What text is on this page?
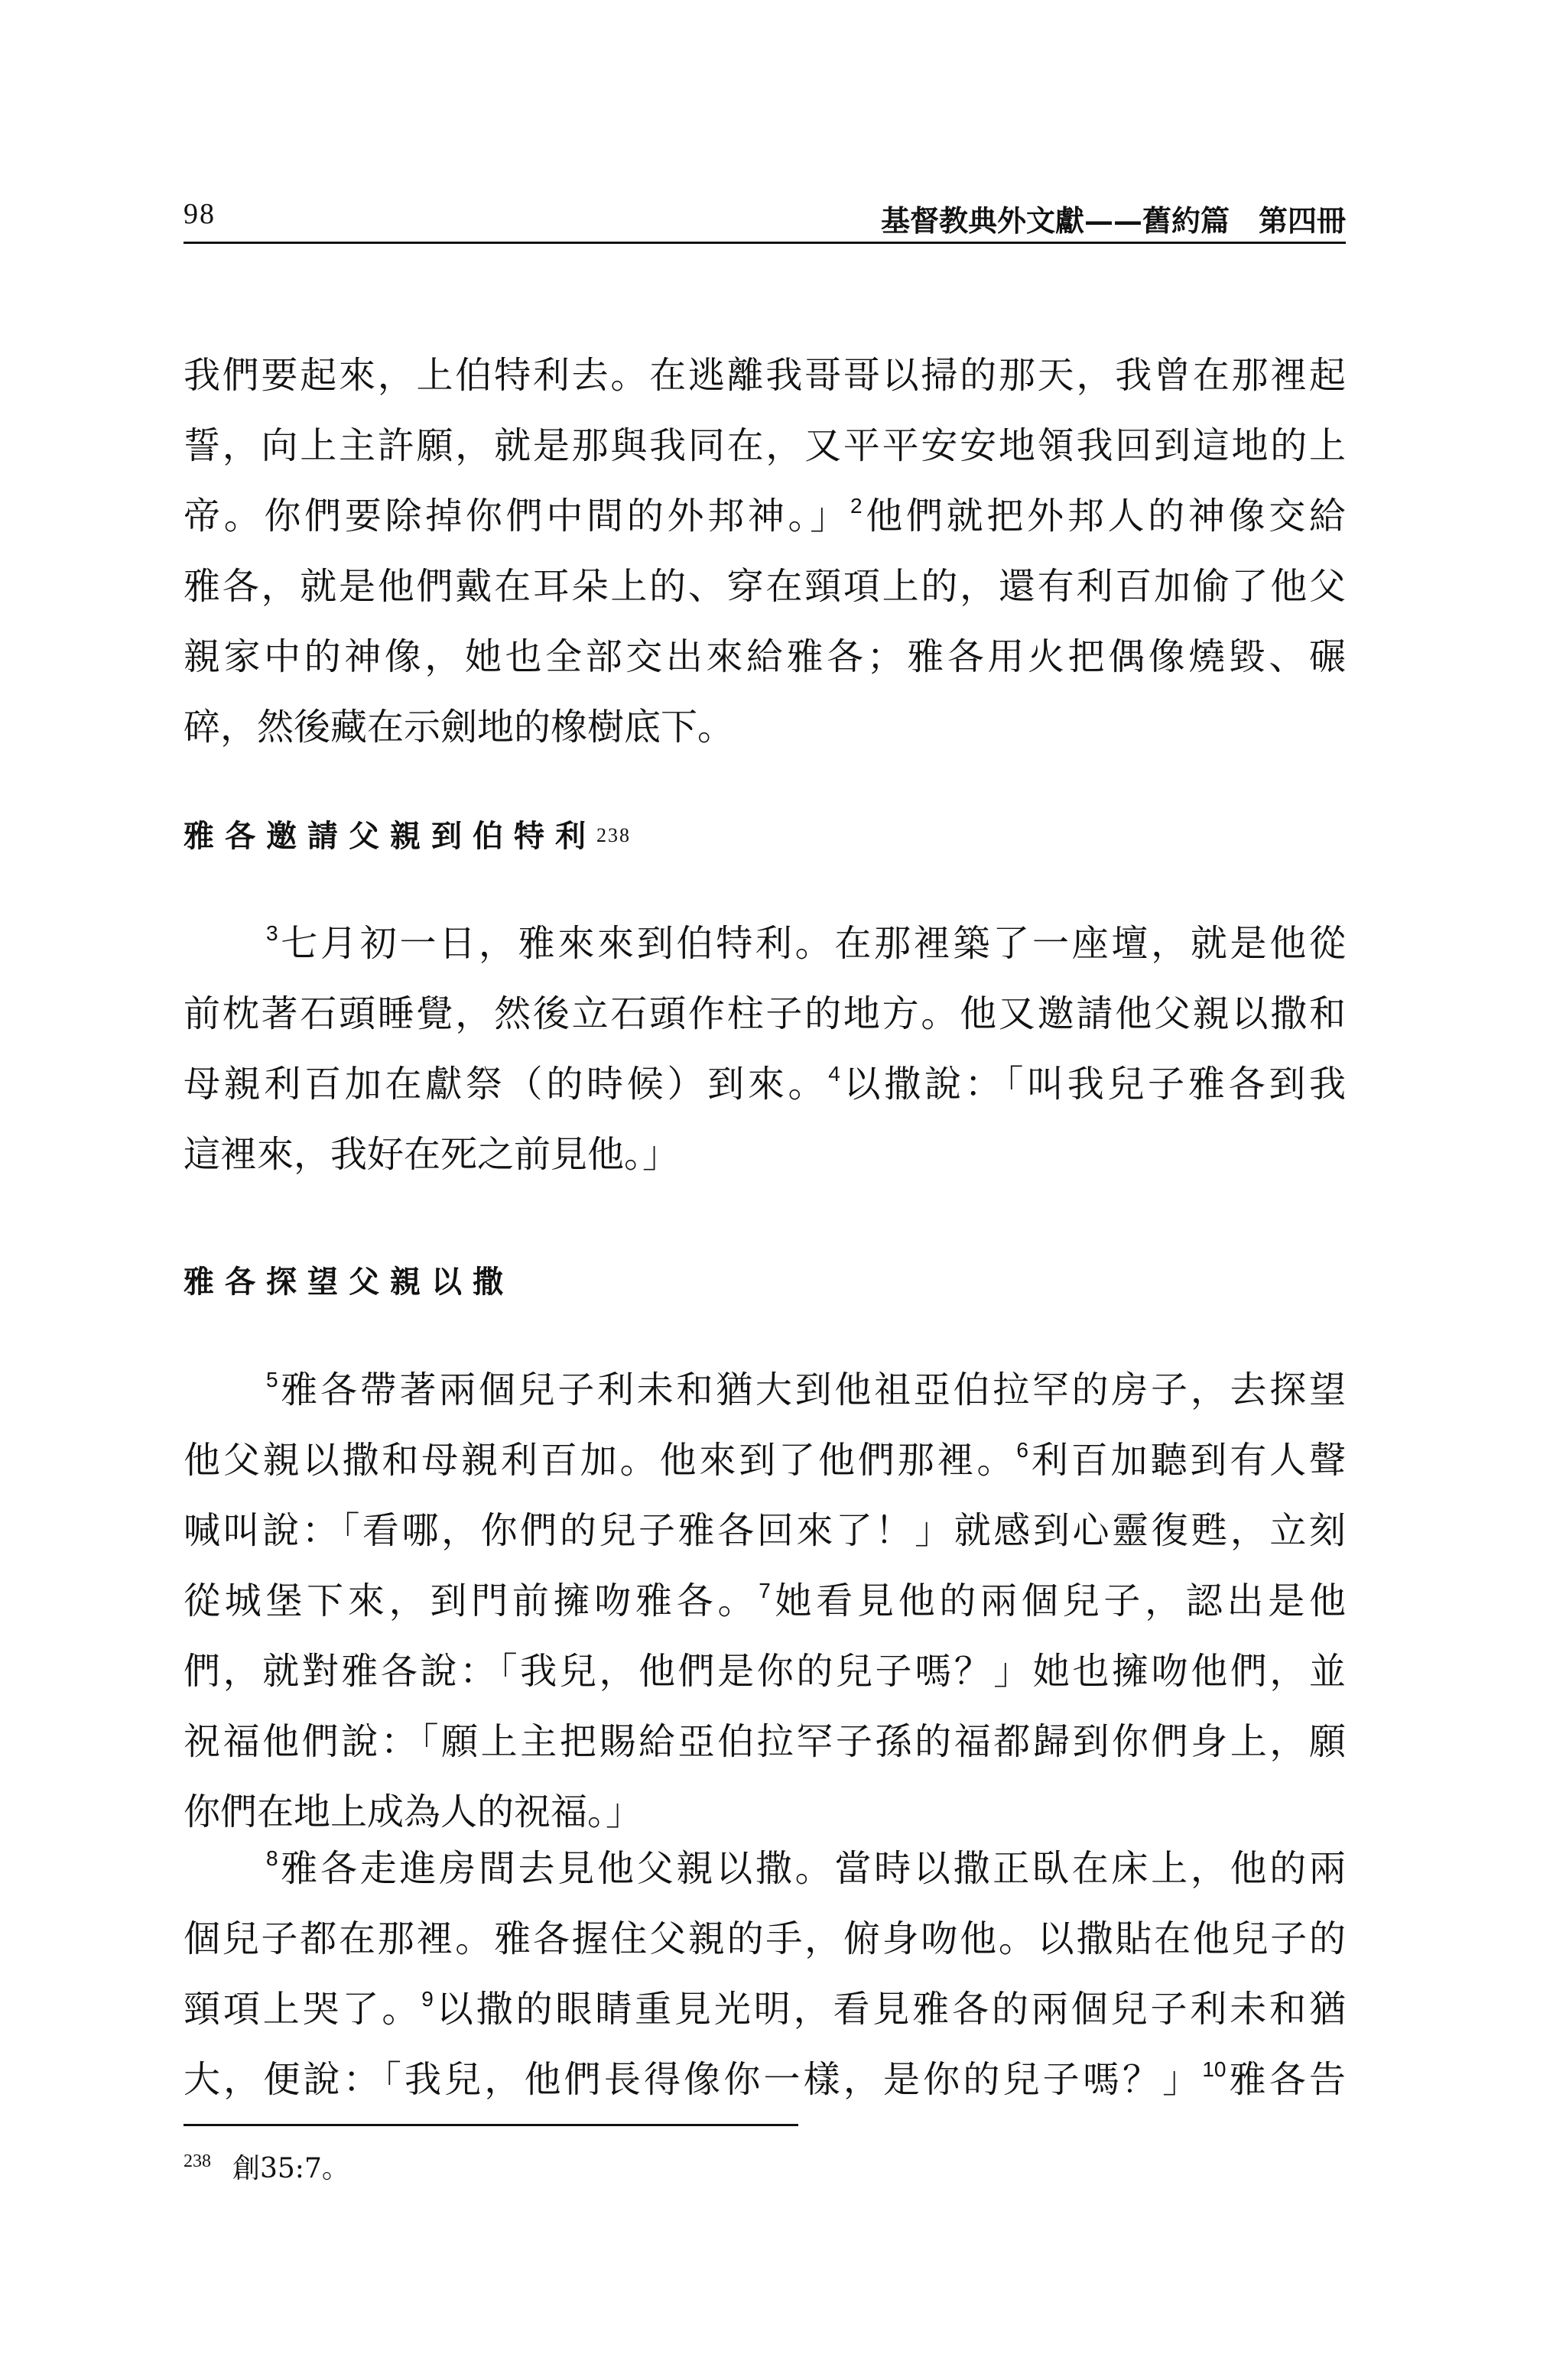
98	基督教典外文獻——舊約篇　第四冊
我們要起來，上伯特利去。在逃離我哥哥以掃的那天，我曾在那裡起
誓，向上主許願，就是那與我同在，又平平安安地領我回到這地的上
帝。你們要除掉你們中間的外邦神。」$^2$他們就把外邦人的神像交給
雅各，就是他們戴在耳朵上的、穿在頸項上的，還有利百加偷了他父
親家中的神像，她也全部交出來給雅各；雅各用火把偶像燒毀、碾
碎，然後藏在示劍地的橡樹底下。
雅各邀請父親到伯特利$^{238}$
$^3$七月初一日，雅來來到伯特利。在那裡築了一座壇，就是他從
前枕著石頭睡覺，然後立石頭作柱子的地方。他又邀請他父親以撒和
母親利百加在獻祭（的時候）到來。$^4$以撒說：「叫我兒子雅各到我
這裡來，我好在死之前見他。」
雅各探望父親以撒
$^5$雅各帶著兩個兒子利未和猶大到他祖亞伯拉罕的房子，去探望
他父親以撒和母親利百加。他來到了他們那裡。$^6$利百加聽到有人聲
喊叫說：「看哪，你們的兒子雅各回來了！」就感到心靈復甦，立刻
從城堡下來，到門前擁吻雅各。$^7$她看見他的兩個兒子，認出是他
們，就對雅各說：「我兒，他們是你的兒子嗎？」她也擁吻他們，並
祝福他們說：「願上主把賜給亞伯拉罕子孫的福都歸到你們身上，願
你們在地上成為人的祝福。」
$^8$雅各走進房間去見他父親以撒。當時以撒正臥在床上，他的兩
個兒子都在那裡。雅各握住父親的手，俯身吻他。以撒貼在他兒子的
頸項上哭了。$^9$以撒的眼睛重見光明，看見雅各的兩個兒子利未和猶
大，便說：「我兒，他們長得像你一樣，是你的兒子嗎？」$^{10}$雅各告
$^{238}$ 創35:7。
